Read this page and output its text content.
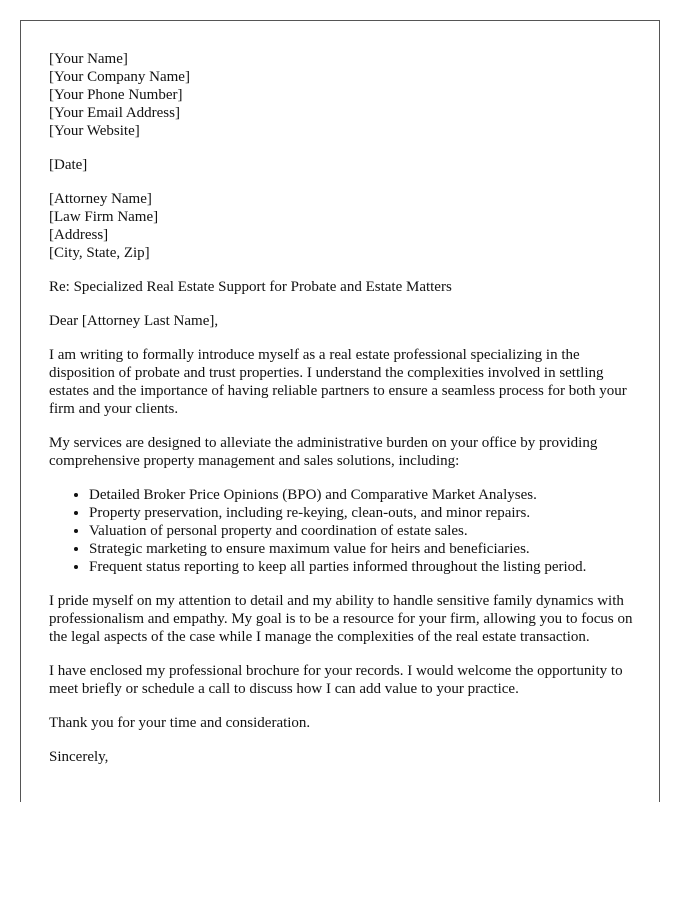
[Your Name]
[Your Company Name]
[Your Phone Number]
[Your Email Address]
[Your Website]

[Date]

[Attorney Name]
[Law Firm Name]
[Address]
[City, State, Zip]

Re: Specialized Real Estate Support for Probate and Estate Matters

Dear [Attorney Last Name],

I am writing to formally introduce myself as a real estate professional specializing in the disposition of probate and trust properties. I understand the complexities involved in settling estates and the importance of having reliable partners to ensure a seamless process for both your firm and your clients.

My services are designed to alleviate the administrative burden on your office by providing comprehensive property management and sales solutions, including:

• Detailed Broker Price Opinions (BPO) and Comparative Market Analyses.
• Property preservation, including re-keying, clean-outs, and minor repairs.
• Valuation of personal property and coordination of estate sales.
• Strategic marketing to ensure maximum value for heirs and beneficiaries.
• Frequent status reporting to keep all parties informed throughout the listing period.

I pride myself on my attention to detail and my ability to handle sensitive family dynamics with professionalism and empathy. My goal is to be a resource for your firm, allowing you to focus on the legal aspects of the case while I manage the complexities of the real estate transaction.

I have enclosed my professional brochure for your records. I would welcome the opportunity to meet briefly or schedule a call to discuss how I can add value to your practice.

Thank you for your time and consideration.

Sincerely,
